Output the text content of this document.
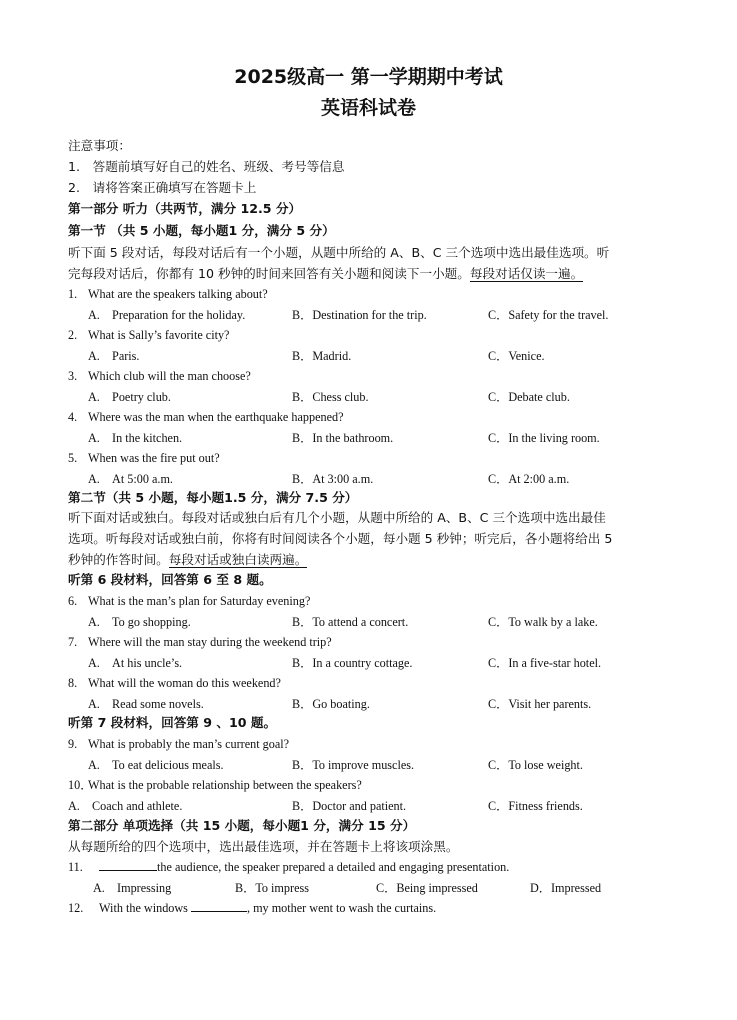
2025级高一 第一学期期中考试
英语科试卷
注意事项：
1.　答题前填写好自己的姓名、班级、考号等信息
2.　请将答案正确填写在答题卡上
第一部分 听力（共两节，满分 12.5 分）
第一节 （共 5 小题，每小题1 分，满分 5 分）
听下面 5 段对话，每段对话后有一个小题，从题中所给的 A、B、C 三个选项中选出最佳选项。听
完每段对话后，你都有 10 秒钟的时间来回答有关小题和阅读下一小题。每段对话仅读一遍。
1. What are the speakers talking about?
A.　Preparation for the holiday.	B．Destination for the trip.	C．Safety for the travel.
2. What is Sally’s favorite city?
A.　Paris.	B．Madrid.	C．Venice.
3. Which club will the man choose?
A.　Poetry club.	B．Chess club.	C．Debate club.
4. Where was the man when the earthquake happened?
A.　In the kitchen.	B．In the bathroom.	C．In the living room.
5. When was the fire put out?
A.　At 5:00 a.m.	B．At 3:00 a.m.	C．At 2:00 a.m.
第二节（共 5 小题，每小题1.5 分，满分 7.5 分）
听下面对话或独白。每段对话或独白后有几个小题，从题中所给的 A、B、C 三个选项中选出最佳
选项。听每段对话或独白前，你将有时间阅读各个小题，每小题 5 秒钟；听完后，各小题将给出 5
秒钟的作答时间。每段对话或独白读两遍。
听第 6 段材料，回答第 6 至 8 题。
6. What is the man’s plan for Saturday evening?
A.　To go shopping.	B．To attend a concert.	C．To walk by a lake.
7. Where will the man stay during the weekend trip?
A.　At his uncle’s.	B．In a country cottage.	C．In a five-star hotel.
8. What will the woman do this weekend?
A.　Read some novels.	B．Go boating.	C．Visit her parents.
听第 7 段材料，回答第 9 、10 题。
9. What is probably the man’s current goal?
A.　To eat delicious meals.	B．To improve muscles.	C．To lose weight.
10．What is the probable relationship between the speakers?
A.　Coach and athlete.	B．Doctor and patient.	C．Fitness friends.
第二部分 单项选择（共 15 小题，每小题1 分，满分 15 分）
从每题所给的四个选项中，选出最佳选项，并在答题卡上将该项涂黑。
11.	the audience, the speaker prepared a detailed and engaging presentation.
A.　Impressing	B．To impress	C．Being impressed	D．Impressed
12. With the windows	, my mother went to wash the curtains.
